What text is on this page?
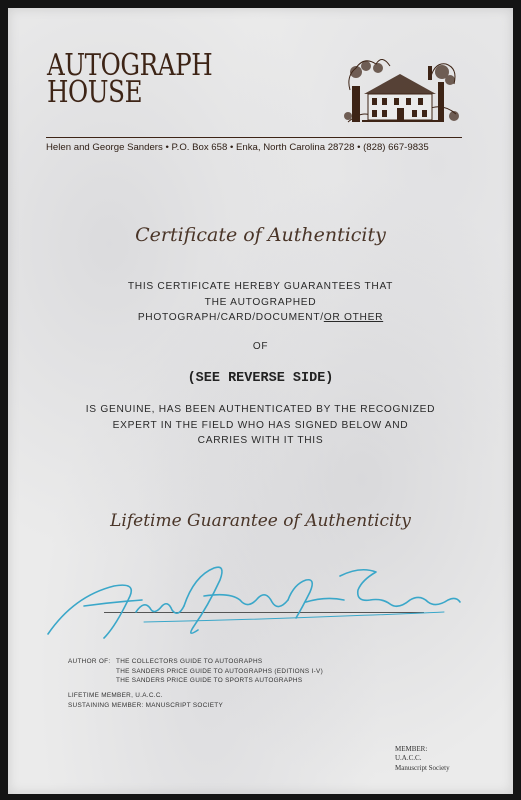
AUTOGRAPH
HOUSE
Helen and George Sanders • P.O. Box 658 • Enka, North Carolina 28728 • (828) 667-9835
Certificate of Authenticity
THIS CERTIFICATE HEREBY GUARANTEES THAT
THE AUTOGRAPHED
PHOTOGRAPH/CARD/DOCUMENT/OR OTHER
OF
(SEE REVERSE SIDE)
IS GENUINE, HAS BEEN AUTHENTICATED BY THE RECOGNIZED
EXPERT IN THE FIELD WHO HAS SIGNED BELOW AND
CARRIES WITH IT THIS
Lifetime Guarantee of Authenticity
AUTHOR OF: THE COLLECTORS GUIDE TO AUTOGRAPHS
THE SANDERS PRICE GUIDE TO AUTOGRAPHS (EDITIONS I-V)
THE SANDERS PRICE GUIDE TO SPORTS AUTOGRAPHS
LIFETIME MEMBER, U.A.C.C.
SUSTAINING MEMBER: MANUSCRIPT SOCIETY
MEMBER:
U.A.C.C.
Manuscript Society
